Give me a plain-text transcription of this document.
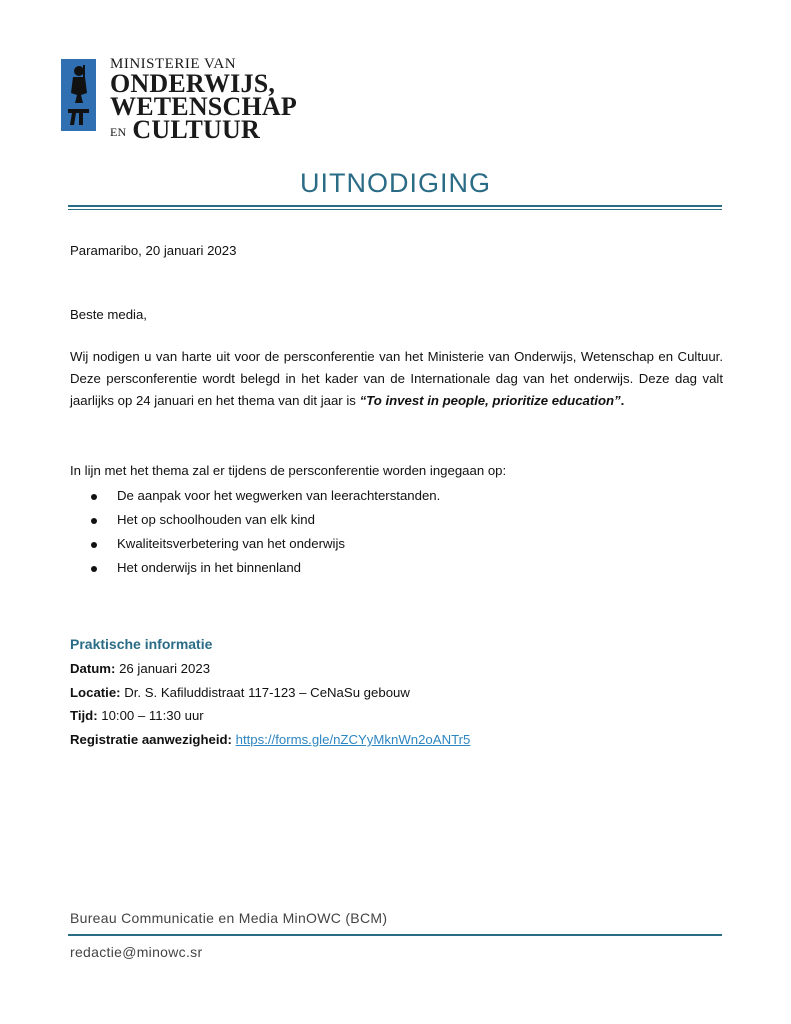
MINISTERIE VAN
ONDERWIJS,
WETENSCHAP
EN CULTUUR
UITNODIGING
Paramaribo, 20 januari 2023
Beste media,
Wij nodigen u van harte uit voor de persconferentie van het Ministerie van Onderwijs, Wetenschap en Cultuur. Deze persconferentie wordt belegd in het kader van de Internationale dag van het onderwijs. Deze dag valt jaarlijks op 24 januari en het thema van dit jaar is “To invest in people, prioritize education”.
In lijn met het thema zal er tijdens de persconferentie worden ingegaan op:
De aanpak voor het wegwerken van leerachterstanden.
Het op schoolhouden van elk kind
Kwaliteitsverbetering van het onderwijs
Het onderwijs in het binnenland
Praktische informatie
Datum: 26 januari 2023
Locatie: Dr. S. Kafiluddistraat 117-123 – CeNaSu gebouw
Tijd: 10:00 – 11:30 uur
Registratie aanwezigheid: https://forms.gle/nZCYyMknWn2oANTr5
Bureau Communicatie en Media MinOWC (BCM)
redactie@minowc.sr
